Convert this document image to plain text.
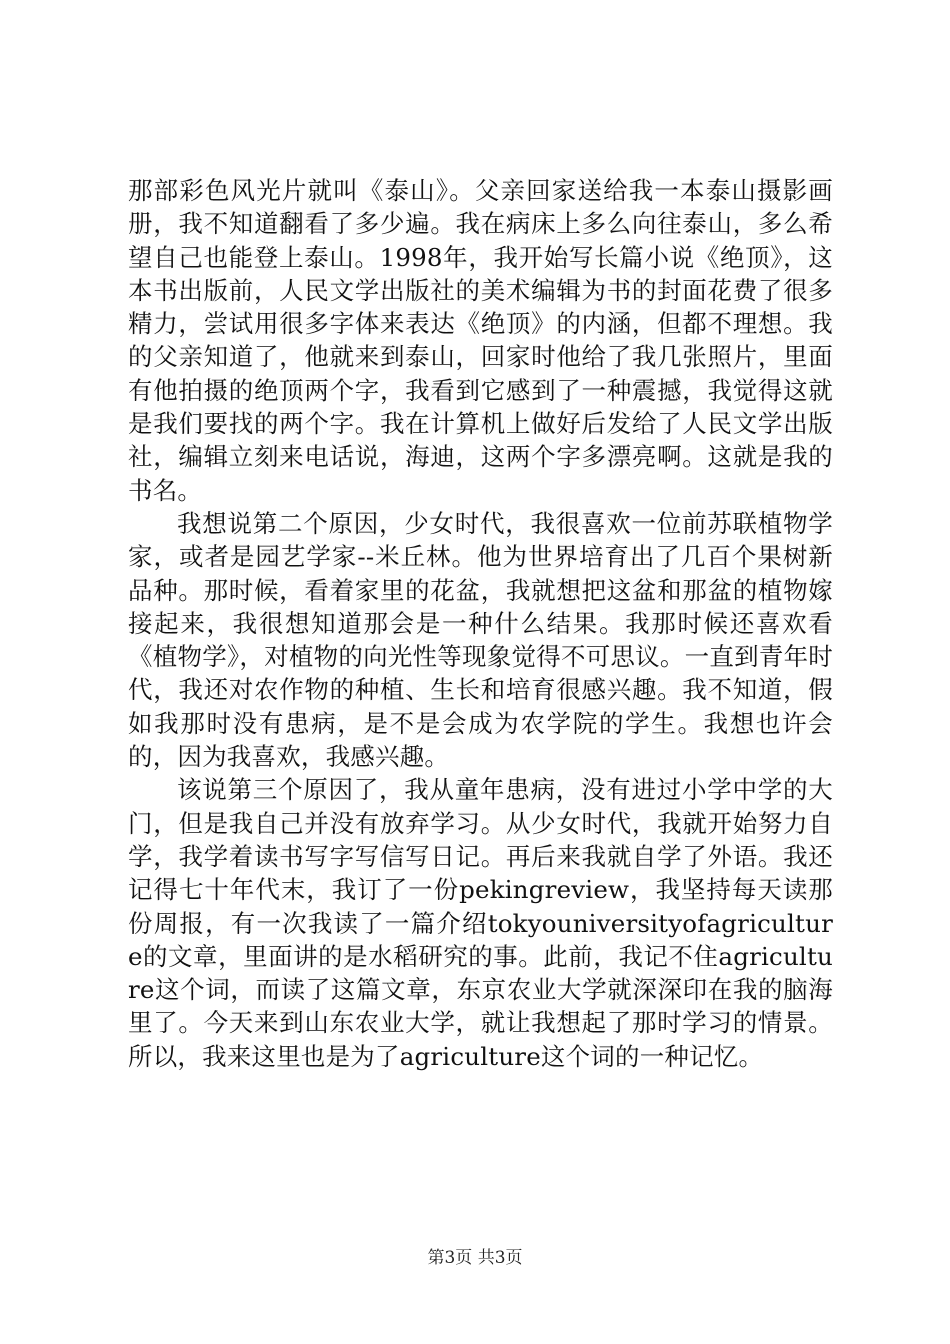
那部彩色风光片就叫《泰山》。父亲回家送给我一本泰山摄影画册，我不知道翻看了多少遍。我在病床上多么向往泰山，多么希望自己也能登上泰山。1998年，我开始写长篇小说《绝顶》，这本书出版前，人民文学出版社的美术编辑为书的封面花费了很多精力，尝试用很多字体来表达《绝顶》的内涵，但都不理想。我的父亲知道了，他就来到泰山，回家时他给了我几张照片，里面有他拍摄的绝顶两个字，我看到它感到了一种震撼，我觉得这就是我们要找的两个字。我在计算机上做好后发给了人民文学出版社，编辑立刻来电话说，海迪，这两个字多漂亮啊。这就是我的书名。

我想说第二个原因，少女时代，我很喜欢一位前苏联植物学家，或者是园艺学家--米丘林。他为世界培育出了几百个果树新品种。那时候，看着家里的花盆，我就想把这盆和那盆的植物嫁接起来，我很想知道那会是一种什么结果。我那时候还喜欢看《植物学》，对植物的向光性等现象觉得不可思议。一直到青年时代，我还对农作物的种植、生长和培育很感兴趣。我不知道，假如我那时没有患病，是不是会成为农学院的学生。我想也许会的，因为我喜欢，我感兴趣。

该说第三个原因了，我从童年患病，没有进过小学中学的大门，但是我自己并没有放弃学习。从少女时代，我就开始努力自学，我学着读书写字写信写日记。再后来我就自学了外语。我还记得七十年代末，我订了一份pekingreview，我坚持每天读那份周报，有一次我读了一篇介绍tokyouniversityofagriculture的文章，里面讲的是水稻研究的事。此前，我记不住agriculture这个词，而读了这篇文章，东京农业大学就深深印在我的脑海里了。今天来到山东农业大学，就让我想起了那时学习的情景。所以，我来这里也是为了agriculture这个词的一种记忆。

第3页 共3页
